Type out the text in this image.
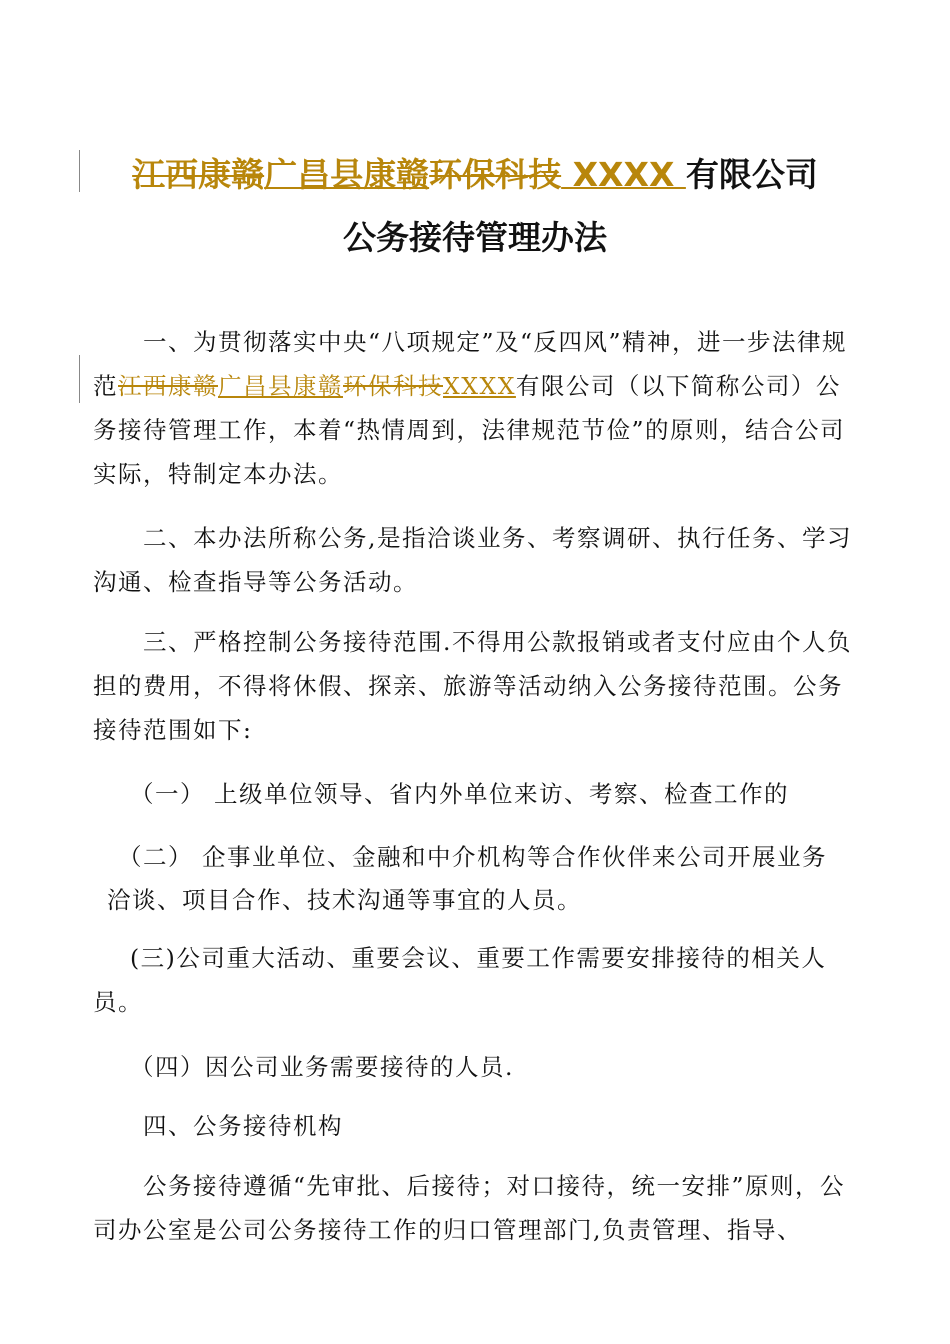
江西康赣广昌县康赣环保科技 XXXX 有限公司
公务接待管理办法
一、为贯彻落实中央“八项规定”及“反四风”精神，进一步法律规范江西康赣广昌县康赣环保科技XXXX有限公司（以下简称公司）公务接待管理工作，本着“热情周到，法律规范节俭”的原则，结合公司实际，特制定本办法。
二、本办法所称公务,是指洽谈业务、考察调研、执行任务、学习沟通、检查指导等公务活动。
三、严格控制公务接待范围.不得用公款报销或者支付应由个人负担的费用，不得将休假、探亲、旅游等活动纳入公务接待范围。公务接待范围如下:
（一） 上级单位领导、省内外单位来访、考察、检查工作的
（二） 企事业单位、金融和中介机构等合作伙伴来公司开展业务
洽谈、项目合作、技术沟通等事宜的人员。
(三)公司重大活动、重要会议、重要工作需要安排接待的相关人员。
（四）因公司业务需要接待的人员.
四、公务接待机构
公务接待遵循“先审批、后接待；对口接待，统一安排”原则，公司办公室是公司公务接待工作的归口管理部门,负责管理、指导、
